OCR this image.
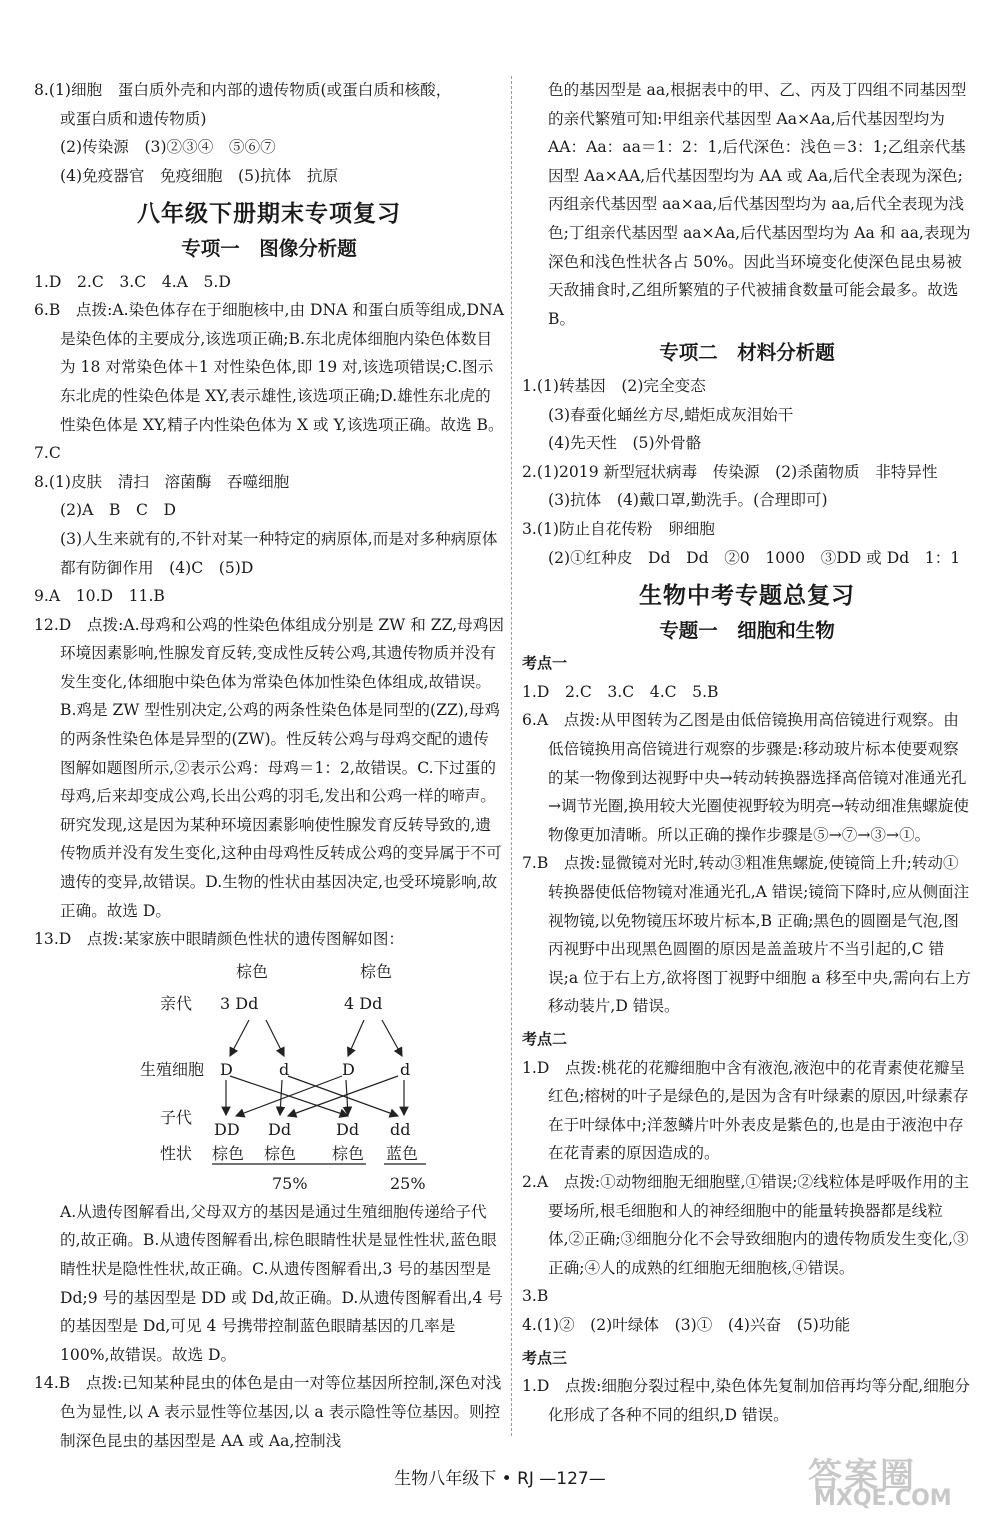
8.(1)细胞　蛋白质外壳和内部的遗传物质(或蛋白质和核酸，

或蛋白质和遗传物质)

(2)传染源　(3)②③④　⑤⑥⑦

(4)免疫器官　免疫细胞　(5)抗体　抗原

八年级下册期末专项复习
专项一　图像分析题

1.D　2.C　3.C　4.A　5.D

6.B　点拨:A.染色体存在于细胞核中,由 DNA 和蛋白质等组成,DNA 是染色体的主要成分,该选项正确;B.东北虎体细胞内染色体数目为 18 对常染色体＋1 对性染色体,即 19 对,该选项错误;C.图示东北虎的性染色体是 XY,表示雄性,该选项正确;D.雄性东北虎的性染色体是 XY,精子内性染色体为 X 或 Y,该选项正确。故选 B。

7.C

8.(1)皮肤　清扫　溶菌酶　吞噬细胞

(2)A　B　C　D

(3)人生来就有的,不针对某一种特定的病原体,而是对多种病原体都有防御作用　(4)C　(5)D

9.A　10.D　11.B

12.D　点拨:A.母鸡和公鸡的性染色体组成分别是 ZW 和 ZZ,母鸡因环境因素影响,性腺发育反转,变成性反转公鸡,其遗传物质并没有发生变化,体细胞中染色体为常染色体加性染色体组成,故错误。B.鸡是 ZW 型性别决定,公鸡的两条性染色体是同型的(ZZ),母鸡的两条性染色体是异型的(ZW)。性反转公鸡与母鸡交配的遗传图解如题图所示,②表示公鸡：母鸡＝1：2,故错误。C.下过蛋的母鸡,后来却变成公鸡,长出公鸡的羽毛,发出和公鸡一样的啼声。研究发现,这是因为某种环境因素影响使性腺发育反转导致的,遗传物质并没有发生变化,这种由母鸡性反转成公鸡的变异属于不可遗传的变异,故错误。D.生物的性状由基因决定,也受环境影响,故正确。故选 D。

13.D　点拨:某家族中眼睛颜色性状的遗传图解如图：

棕色	棕色
亲代 3 Dd	4 Dd
生殖细胞 D	d	D	d
子代
DD Dd	Dd dd
性状 棕色 棕色 棕色 蓝色
75%	25%

A.从遗传图解看出,父母双方的基因是通过生殖细胞传递给子代的,故正确。B.从遗传图解看出,棕色眼睛性状是显性性状,蓝色眼睛性状是隐性性状,故正确。C.从遗传图解看出,3 号的基因型是 Dd;9 号的基因型是 DD 或 Dd,故正确。D.从遗传图解看出,4 号的基因型是 Dd,可见 4 号携带控制蓝色眼睛基因的几率是 100%,故错误。故选 D。

14.B　点拨:已知某种昆虫的体色是由一对等位基因所控制,深色对浅色为显性,以 A 表示显性等位基因,以 a 表示隐性等位基因。则控制深色昆虫的基因型是 AA 或 Aa,控制浅

色的基因型是 aa,根据表中的甲、乙、丙及丁四组不同基因型的亲代繁殖可知:甲组亲代基因型 Aa×Aa,后代基因型均为 AA：Aa：aa＝1：2：1,后代深色：浅色＝3：1;乙组亲代基因型 Aa×AA,后代基因型均为 AA 或 Aa,后代全表现为深色;丙组亲代基因型 aa×aa,后代基因型均为 aa,后代全表现为浅色;丁组亲代基因型 aa×Aa,后代基因型均为 Aa 和 aa,表现为深色和浅色性状各占 50%。因此当环境变化使深色昆虫易被天敌捕食时,乙组所繁殖的子代被捕食数量可能会最多。故选 B。

专项二　材料分析题

1.(1)转基因　(2)完全变态

(3)春蚕化蛹丝方尽,蜡炬成灰泪始干

(4)先天性　(5)外骨骼

2.(1)2019 新型冠状病毒　传染源　(2)杀菌物质　非特异性

(3)抗体　(4)戴口罩,勤洗手。(合理即可)

3.(1)防止自花传粉　卵细胞

(2)①红种皮　Dd　Dd　②0　1000　③DD 或 Dd　1：1

生物中考专题总复习
专题一　细胞和生物
考点一

1.D　2.C　3.C　4.C　5.B

6.A　点拨:从甲图转为乙图是由低倍镜换用高倍镜进行观察。由低倍镜换用高倍镜进行观察的步骤是:移动玻片标本使要观察的某一物像到达视野中央→转动转换器选择高倍镜对准通光孔→调节光圈,换用较大光圈使视野较为明亮→转动细准焦螺旋使物像更加清晰。所以正确的操作步骤是⑤→⑦→③→①。

7.B　点拨:显微镜对光时,转动③粗准焦螺旋,使镜筒上升;转动①转换器使低倍物镜对准通光孔,A 错误;镜筒下降时,应从侧面注视物镜,以免物镜压坏玻片标本,B 正确;黑色的圆圈是气泡,图丙视野中出现黑色圆圈的原因是盖盖玻片不当引起的,C 错误;a 位于右上方,欲将图丁视野中细胞 a 移至中央,需向右上方移动装片,D 错误。

考点二

1.D　点拨:桃花的花瓣细胞中含有液泡,液泡中的花青素使花瓣呈红色;榕树的叶子是绿色的,是因为含有叶绿素的原因,叶绿素存在于叶绿体中;洋葱鳞片叶外表皮是紫色的,也是由于液泡中存在花青素的原因造成的。

2.A　点拨:①动物细胞无细胞壁,①错误;②线粒体是呼吸作用的主要场所,根毛细胞和人的神经细胞中的能量转换器都是线粒体,②正确;③细胞分化不会导致细胞内的遗传物质发生变化,③正确;④人的成熟的红细胞无细胞核,④错误。

3.B

4.(1)②　(2)叶绿体　(3)①　(4)兴奋　(5)功能

考点三

1.D　点拨:细胞分裂过程中,染色体先复制加倍再均等分配,细胞分化形成了各种不同的组织,D 错误。

生物八年级下 • RJ —127—	答案圈
MXQE.COM
